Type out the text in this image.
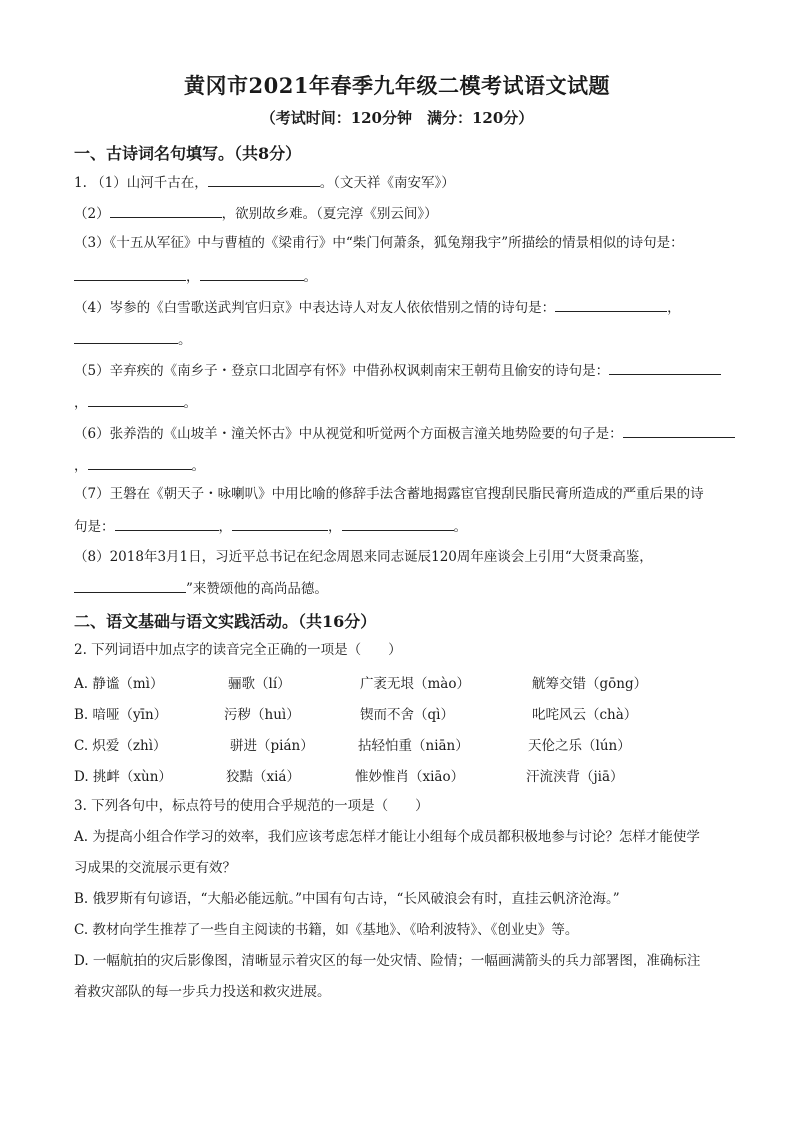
黄冈市2021年春季九年级二模考试语文试题
（考试时间：120分钟　满分：120分）
一、古诗词名句填写。（共8分）
1. （1）山河千古在，	。（文天祥《南安军》）
（2）	，欲别故乡难。（夏完淳《别云间》）
（3）《十五从军征》中与曹植的《梁甫行》中“柴门何萧条，狐兔翔我宇”所描绘的情景相似的诗句是：
，	。
（4）岑参的《白雪歌送武判官归京》中表达诗人对友人依依惜别之情的诗句是：	，
。
（5）辛弃疾的《南乡子・登京口北固亭有怀》中借孙权讽刺南宋王朝苟且偷安的诗句是：
，	。
（6）张养浩的《山坡羊・潼关怀古》中从视觉和听觉两个方面极言潼关地势险要的句子是：
，	。
（7）王磐在《朝天子・咏喇叭》中用比喻的修辞手法含蓄地揭露宦官搜刮民脂民膏所造成的严重后果的诗
句是：	，	，	。
（8）2018年3月1日，习近平总书记在纪念周恩来同志诞辰120周年座谈会上引用“大贤秉高鉴，
”来赞颂他的高尚品德。
二、语文基础与语文实践活动。（共16分）
2. 下列词语中加点字的读音完全正确的一项是（　　）
A. 静谧（mì）	骊歌（lí）	广袤无垠（mào）	觥筹交错（gōng）
B. 喑哑（yīn）	污秽（huì）	锲而不舍（qì）	叱咤风云（chà）
C. 炽爱（zhì）	骈进（pián）	拈轻怕重（niān）	天伦之乐（lún）
D. 挑衅（xùn）	狡黠（xiá）	惟妙惟肖（xiāo）	汗流浃背（jiā）
3. 下列各句中，标点符号的使用合乎规范的一项是（　　）
A. 为提高小组合作学习的效率，我们应该考虑怎样才能让小组每个成员都积极地参与讨论？怎样才能使学
习成果的交流展示更有效？
B. 俄罗斯有句谚语，“大船必能远航。”中国有句古诗，“长风破浪会有时，直挂云帆济沧海。”
C. 教材向学生推荐了一些自主阅读的书籍，如《基地》、《哈利波特》、《创业史》等。
D. 一幅航拍的灾后影像图，清晰显示着灾区的每一处灾情、险情；一幅画满箭头的兵力部署图，准确标注
着救灾部队的每一步兵力投送和救灾进展。
